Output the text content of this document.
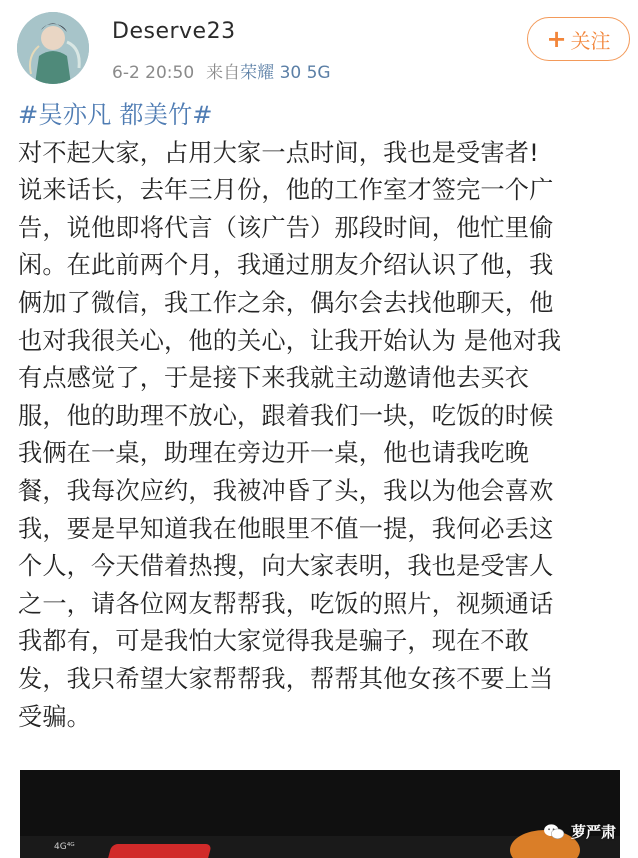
Deserve23
6-2 20:50 来自荣耀 30 5G
+ 关注
#吴亦凡 都美竹#
对不起大家，占用大家一点时间，我也是受害者!
说来话长，去年三月份，他的工作室才签完一个广
告，说他即将代言（该广告）那段时间，他忙里偷
闲。在此前两个月，我通过朋友介绍认识了他，我
俩加了微信，我工作之余，偶尔会去找他聊天，他
也对我很关心，他的关心，让我开始认为 是他对我
有点感觉了，于是接下来我就主动邀请他去买衣
服，他的助理不放心，跟着我们一块，吃饭的时候
我俩在一桌，助理在旁边开一桌，他也请我吃晚
餐，我每次应约，我被冲昏了头，我以为他会喜欢
我，要是早知道我在他眼里不值一提，我何必丢这
个人，今天借着热搜，向大家表明，我也是受害人
之一，请各位网友帮帮我，吃饭的照片，视频通话
我都有，可是我怕大家觉得我是骗子，现在不敢
发，我只希望大家帮帮我，帮帮其他女孩不要上当
受骗。
4G⁴ᴳ
萝严肃
